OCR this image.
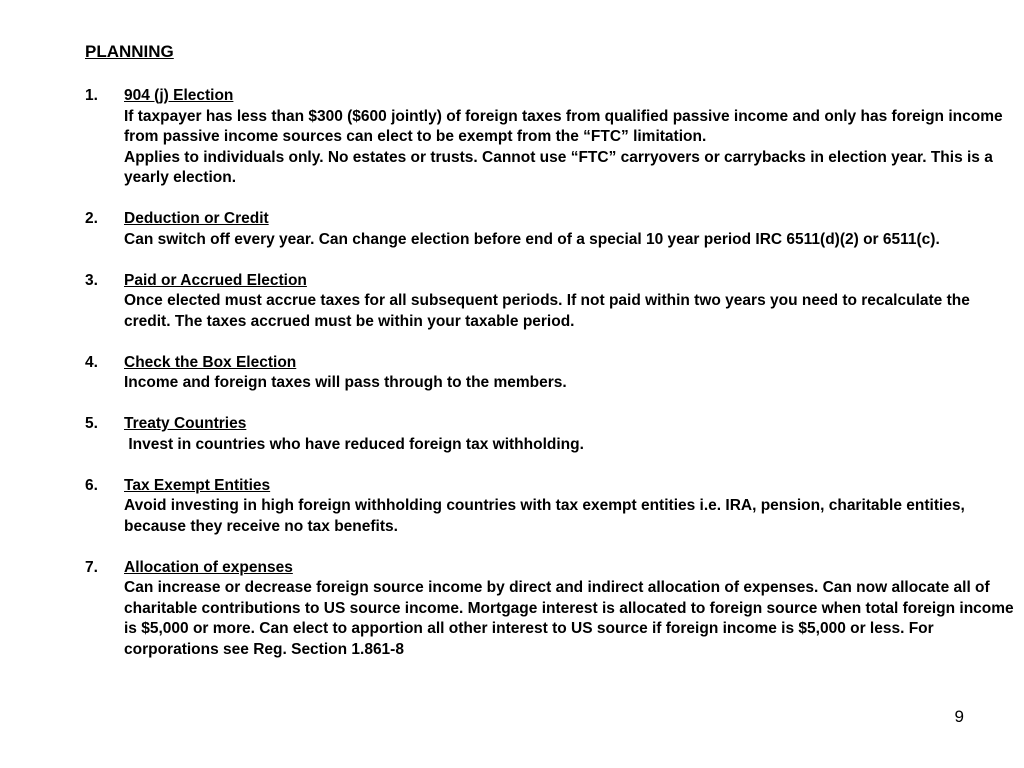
PLANNING
1. 904 (j) Election
If taxpayer has less than $300 ($600 jointly) of foreign taxes from qualified passive income and only has foreign income from passive income sources can elect to be exempt from the “FTC” limitation.
Applies to individuals only. No estates or trusts. Cannot use “FTC” carryovers or carrybacks in election year. This is a yearly election.
2. Deduction or Credit
Can switch off every year. Can change election before end of a special 10 year period IRC 6511(d)(2) or 6511(c).
3. Paid or Accrued Election
Once elected must accrue taxes for all subsequent periods. If not paid within two years you need to recalculate the credit. The taxes accrued must be within your taxable period.
4. Check the Box Election
Income and foreign taxes will pass through to the members.
5. Treaty Countries
Invest in countries who have reduced foreign tax withholding.
6. Tax Exempt Entities
Avoid investing in high foreign withholding countries with tax exempt entities i.e. IRA, pension, charitable entities, because they receive no tax benefits.
7. Allocation of expenses
Can increase or decrease foreign source income by direct and indirect allocation of expenses. Can now allocate all of charitable contributions to US source income. Mortgage interest is allocated to foreign source when total foreign income is $5,000 or more. Can elect to apportion all other interest to US source if foreign income is $5,000 or less. For corporations see Reg. Section 1.861-8
9
